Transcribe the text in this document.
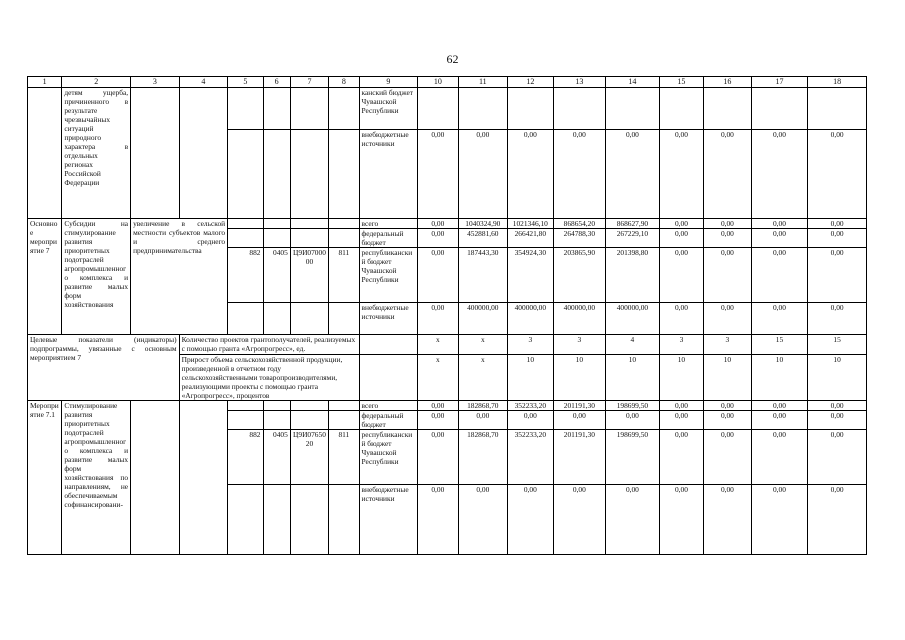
62
1	2	3	4	5	6	7	8	9	10	11	12	13	14	15	16	17	18
	детям ущерба, причиненного в результате чрезвычайных ситуаций природного характера в отдельных регионах Российской Федерации							канский бюджет Чувашской Республики									
								внебюджетные источники	0,00	0,00	0,00	0,00	0,00	0,00	0,00	0,00	0,00
Основное мероприятие 7	Субсидии на стимулирование развития приоритетных подотраслей агропромышленного комплекса и развитие малых форм хозяйствования	увеличение в сельской местности субъектов малого и среднего предпринимательства						всего	0,00	1040324,90	1021346,10	868654,20	868627,90	0,00	0,00	0,00	0,00
								федеральный бюджет	0,00	452881,60	266421,80	264788,30	267229,10	0,00	0,00	0,00	0,00
				882	0405	Ц9И0700000	811	республиканский бюджет Чувашской Республики	0,00	187443,30	354924,30	203865,90	201398,80	0,00	0,00	0,00	0,00
								внебюджетные источники	0,00	400000,00	400000,00	400000,00	400000,00	0,00	0,00	0,00	0,00
Целевые показатели (индикаторы) подпрограммы, увязанные с основным мероприятием 7			Количество проектов грантополучателей, реализуемых с помощью гранта «Агропрогресс», ед.						x	x	3	3	4	3	3	15	15
			Прирост объема сельскохозяйственной продукции, произведенной в отчетном году сельскохозяйственными товаропроизводителями, реализующими проекты с помощью гранта «Агропрогресс», процентов						x	x	10	10	10	10	10	10	10
Мероприятие 7.1	Стимулирование развития приоритетных подотраслей агропромышленного комплекса и развитие малых форм хозяйствования по направлениям, не обеспечиваемым софинансировани-							всего	0,00	182868,70	352233,20	201191,30	198699,50	0,00	0,00	0,00	0,00
								федеральный бюджет	0,00	0,00	0,00	0,00	0,00	0,00	0,00	0,00	0,00
				882	0405	Ц9И0765020	811	республиканский бюджет Чувашской Республики	0,00	182868,70	352233,20	201191,30	198699,50	0,00	0,00	0,00	0,00
								внебюджетные источники	0,00	0,00	0,00	0,00	0,00	0,00	0,00	0,00	0,00
